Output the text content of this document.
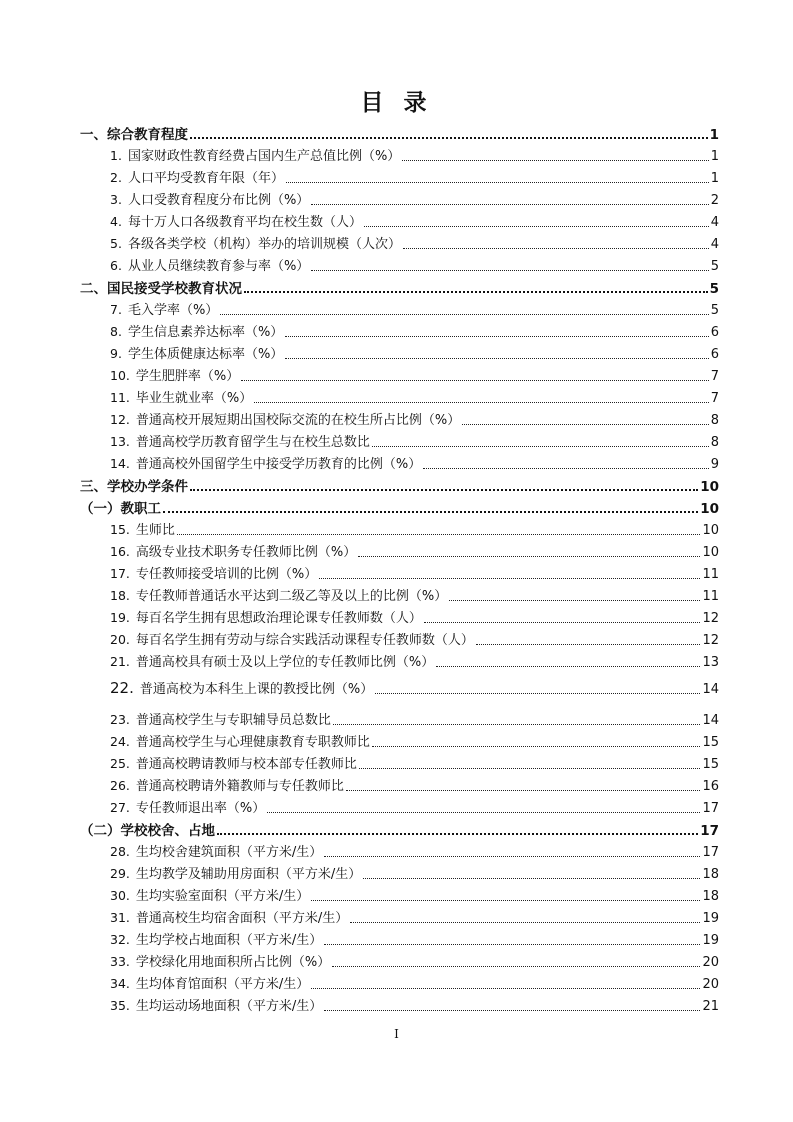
目 录
一、综合教育程度	1
1. 国家财政性教育经费占国内生产总值比例（%）	1
2. 人口平均受教育年限（年）	1
3. 人口受教育程度分布比例（%）	2
4. 每十万人口各级教育平均在校生数（人）	4
5. 各级各类学校（机构）举办的培训规模（人次）	4
6. 从业人员继续教育参与率（%）	5
二、国民接受学校教育状况	5
7. 毛入学率（%）	5
8. 学生信息素养达标率（%）	6
9. 学生体质健康达标率（%）	6
10. 学生肥胖率（%）	7
11. 毕业生就业率（%）	7
12. 普通高校开展短期出国校际交流的在校生所占比例（%）	8
13. 普通高校学历教育留学生与在校生总数比	8
14. 普通高校外国留学生中接受学历教育的比例（%）	9
三、学校办学条件	10
（一）教职工	10
15. 生师比	10
16. 高级专业技术职务专任教师比例（%）	10
17. 专任教师接受培训的比例（%）	11
18. 专任教师普通话水平达到二级乙等及以上的比例（%）	11
19. 每百名学生拥有思想政治理论课专任教师数（人）	12
20. 每百名学生拥有劳动与综合实践活动课程专任教师数（人）	12
21. 普通高校具有硕士及以上学位的专任教师比例（%）	13
22. 普通高校为本科生上课的教授比例（%）	14
23. 普通高校学生与专职辅导员总数比	14
24. 普通高校学生与心理健康教育专职教师比	15
25. 普通高校聘请教师与校本部专任教师比	15
26. 普通高校聘请外籍教师与专任教师比	16
27. 专任教师退出率（%）	17
（二）学校校舍、占地	17
28. 生均校舍建筑面积（平方米/生）	17
29. 生均教学及辅助用房面积（平方米/生）	18
30. 生均实验室面积（平方米/生）	18
31. 普通高校生均宿舍面积（平方米/生）	19
32. 生均学校占地面积（平方米/生）	19
33. 学校绿化用地面积所占比例（%）	20
34. 生均体育馆面积（平方米/生）	20
35. 生均运动场地面积（平方米/生）	21
I
